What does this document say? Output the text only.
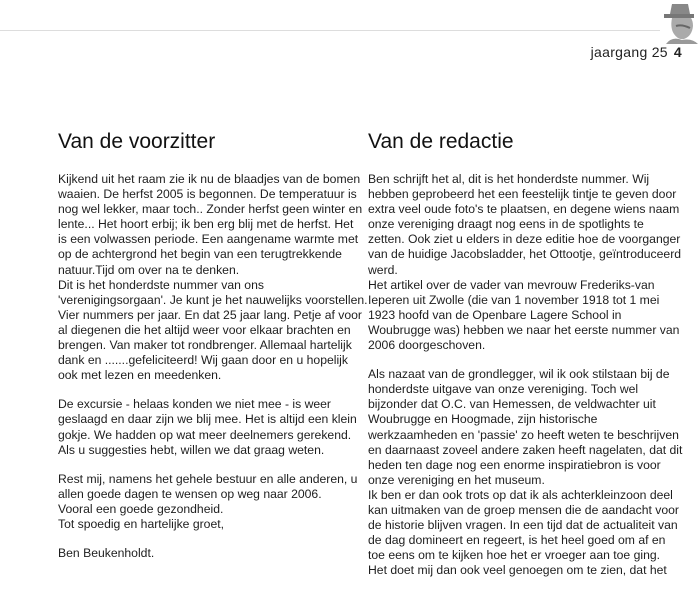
jaargang 25 4
Van de voorzitter

Kijkend uit het raam zie ik nu de blaadjes van de bomen
waaien. De herfst 2005 is begonnen. De temperatuur is
nog wel lekker, maar toch.. Zonder herfst geen winter en
lente... Het hoort erbij; ik ben erg blij met de herfst. Het
is een volwassen periode. Een aangename warmte met
op de achtergrond het begin van een terugtrekkende
natuur.Tijd om over na te denken.
Dit is het honderdste nummer van ons
'verenigingsorgaan'. Je kunt je het nauwelijks voorstellen.
Vier nummers per jaar. En dat 25 jaar lang. Petje af voor
al diegenen die het altijd weer voor elkaar brachten en
brengen. Van maker tot rondbrenger. Allemaal hartelijk
dank en .......gefeliciteerd! Wij gaan door en u hopelijk
ook met lezen en meedenken.

De excursie - helaas konden we niet mee - is weer
geslaagd en daar zijn we blij mee. Het is altijd een klein
gokje. We hadden op wat meer deelnemers gerekend.
Als u suggesties hebt, willen we dat graag weten.

Rest mij, namens het gehele bestuur en alle anderen, u
allen goede dagen te wensen op weg naar 2006.
Vooral een goede gezondheid.
Tot spoedig en hartelijke groet,

Ben Beukenholdt.

Van de redactie

Ben schrijft het al, dit is het honderdste nummer. Wij
hebben geprobeerd het een feestelijk tintje te geven door
extra veel oude foto's te plaatsen, en degene wiens naam
onze vereniging draagt nog eens in de spotlights te
zetten. Ook ziet u elders in deze editie hoe de voorganger
van de huidige Jacobsladder, het Ottootje, geïntroduceerd
werd.
Het artikel over de vader van mevrouw Frederiks-van
Ieperen uit Zwolle (die van 1 november 1918 tot 1 mei
1923 hoofd van de Openbare Lagere School in
Woubrugge was) hebben we naar het eerste nummer van
2006 doorgeschoven.

Als nazaat van de grondlegger, wil ik ook stilstaan bij de
honderdste uitgave van onze vereniging. Toch wel
bijzonder dat O.C. van Hemessen, de veldwachter uit
Woubrugge en Hoogmade, zijn historische
werkzaamheden en 'passie' zo heeft weten te beschrijven
en daarnaast zoveel andere zaken heeft nagelaten, dat dit
heden ten dage nog een enorme inspiratiebron is voor
onze vereniging en het museum.
Ik ben er dan ook trots op dat ik als achterkleinzoon deel
kan uitmaken van de groep mensen die de aandacht voor
de historie blijven vragen. In een tijd dat de actualiteit van
de dag domineert en regeert, is het heel goed om af en
toe eens om te kijken hoe het er vroeger aan toe ging.
Het doet mij dan ook veel genoegen om te zien, dat het
